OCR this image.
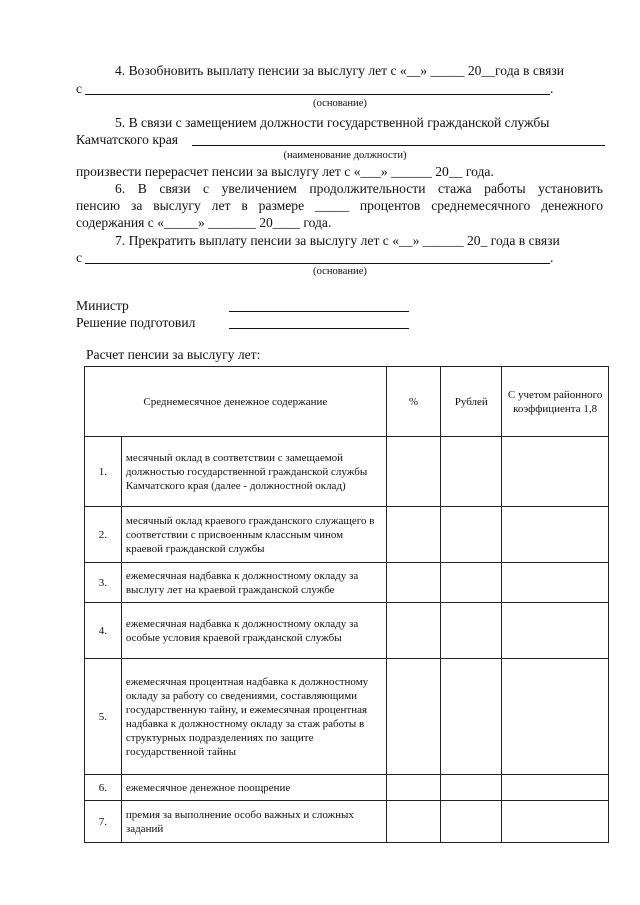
4. Возобновить выплату пенсии за выслугу лет с «__» _____ 20__года в связи
с	.
(основание)
5. В связи с замещением должности государственной гражданской службы
Камчатского края
(наименование должности)
произвести перерасчет пенсии за выслугу лет с «___» ______ 20__ года.
6. В связи с увеличением продолжительности стажа работы установить
пенсию за выслугу лет в размере _____ процентов среднемесячного денежного
содержания с «_____» _______ 20____ года.
7. Прекратить выплату пенсии за выслугу лет с «__» ______ 20_ года в связи
с	.
(основание)
Министр
Решение подготовил
Расчет пенсии за выслугу лет:
Среднемесячное денежное содержание		%	Рублей	С учетом районного коэффициента 1,8
1.	месячный оклад в соответствии с замещаемой должностью государственной гражданской службы Камчатского края (далее - должностной оклад)			
2.	месячный оклад краевого гражданского служащего в соответствии с присвоенным классным чином краевой гражданской службы			
3.	ежемесячная надбавка к должностному окладу за выслугу лет на краевой гражданской службе			
4.	ежемесячная надбавка к должностному окладу за особые условия краевой гражданской службы			
5.	ежемесячная процентная надбавка к должностному окладу за работу со сведениями, составляющими государственную тайну, и ежемесячная процентная надбавка к должностному окладу за стаж работы в структурных подразделениях по защите государственной тайны			
6.	ежемесячное денежное поощрение			
7.	премия за выполнение особо важных и сложных заданий			
